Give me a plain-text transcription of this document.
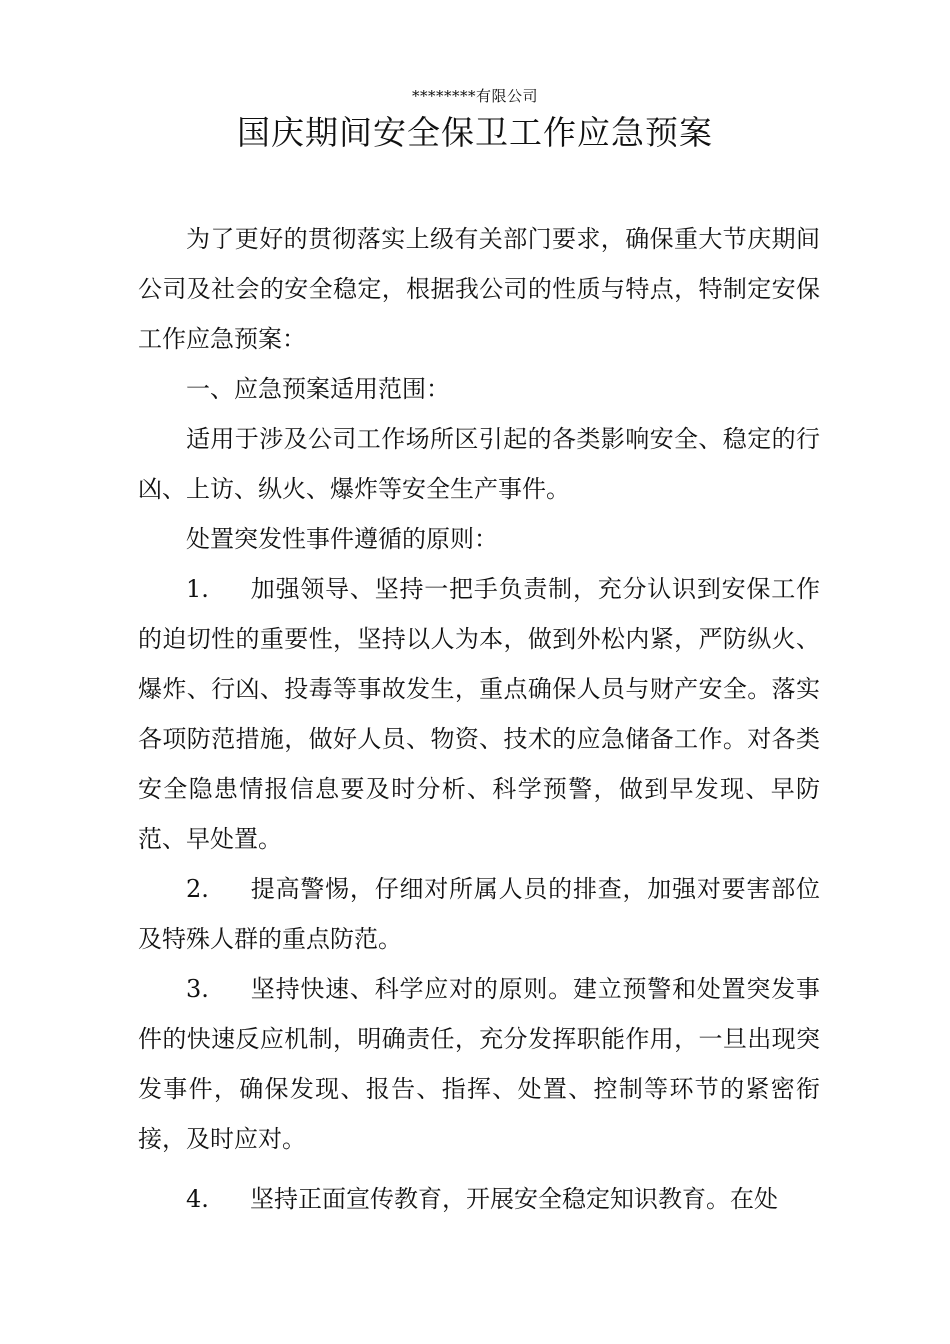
********有限公司
国庆期间安全保卫工作应急预案

为了更好的贯彻落实上级有关部门要求，确保重大节庆期间公司及社会的安全稳定，根据我公司的性质与特点，特制定安保工作应急预案：

一、应急预案适用范围：

适用于涉及公司工作场所区引起的各类影响安全、稳定的行凶、上访、纵火、爆炸等安全生产事件。

处置突发性事件遵循的原则：

1. 加强领导、坚持一把手负责制，充分认识到安保工作的迫切性的重要性，坚持以人为本，做到外松内紧，严防纵火、爆炸、行凶、投毒等事故发生，重点确保人员与财产安全。落实各项防范措施，做好人员、物资、技术的应急储备工作。对各类安全隐患情报信息要及时分析、科学预警，做到早发现、早防范、早处置。

2. 提高警惕，仔细对所属人员的排查，加强对要害部位及特殊人群的重点防范。

3. 坚持快速、科学应对的原则。建立预警和处置突发事件的快速反应机制，明确责任，充分发挥职能作用，一旦出现突发事件，确保发现、报告、指挥、处置、控制等环节的紧密衔接，及时应对。

4. 坚持正面宣传教育，开展安全稳定知识教育。在处
